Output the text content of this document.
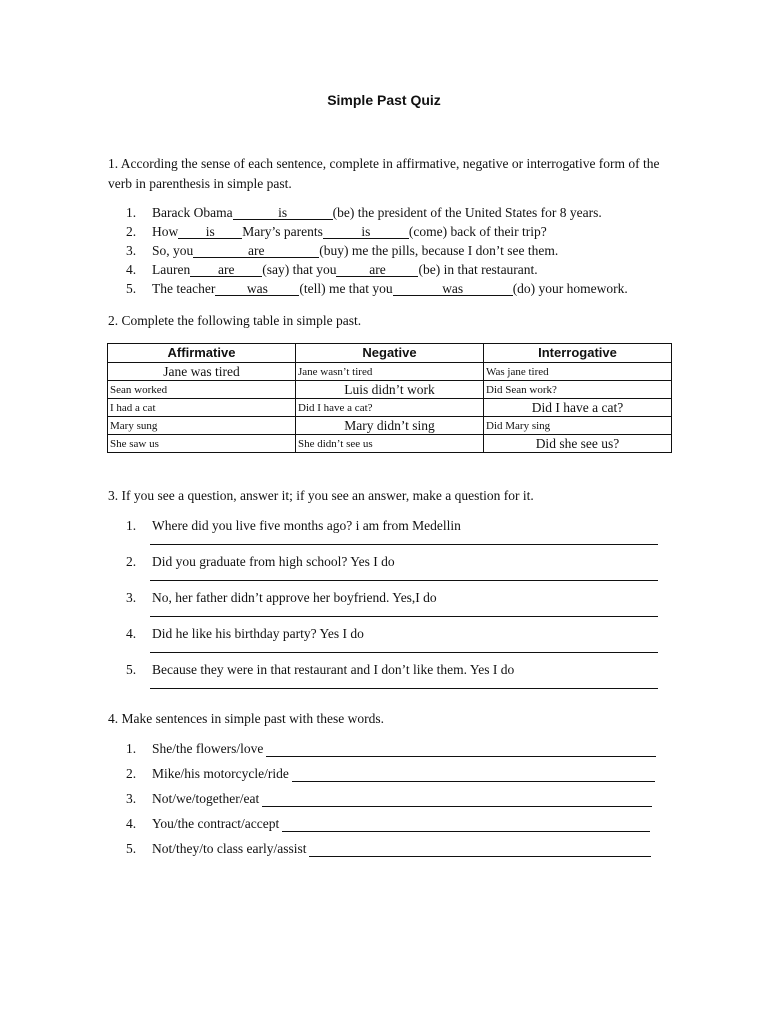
Simple Past Quiz
1. According the sense of each sentence, complete in affirmative, negative or interrogative form of the verb in parenthesis in simple past.
1. Barack Obama	is	(be) the president of the United States for 8 years.
2. How is Mary’s parents	is	(come) back of their trip?
3. So, you	are	(buy) me the pills, because I don’t see them.
4. Lauren are (say) that you are (be) in that restaurant.
5. The teacher was (tell) me that you	was	(do) your homework.
2. Complete the following table in simple past.
Affirmative	Negative	Interrogative
Jane was tired	Jane wasn’t tired	Was jane tired
Sean worked	Luis didn’t work	Did Sean work?
I had a cat	Did I have a cat?	Did I have a cat?
Mary sung	Mary didn’t sing	Did Mary sing
She saw us	She didn’t see us	Did she see us?
3. If you see a question, answer it; if you see an answer, make a question for it.
1. Where did you live five months ago? i am from Medellin
2. Did you graduate from high school? Yes I do
3. No, her father didn’t approve her boyfriend. Yes,I do
4. Did he like his birthday party? Yes I do
5. Because they were in that restaurant and I don’t like them. Yes I do
4. Make sentences in simple past with these words.
1. She/the flowers/love
2. Mike/his motorcycle/ride
3. Not/we/together/eat
4. You/the contract/accept
5. Not/they/to class early/assist
